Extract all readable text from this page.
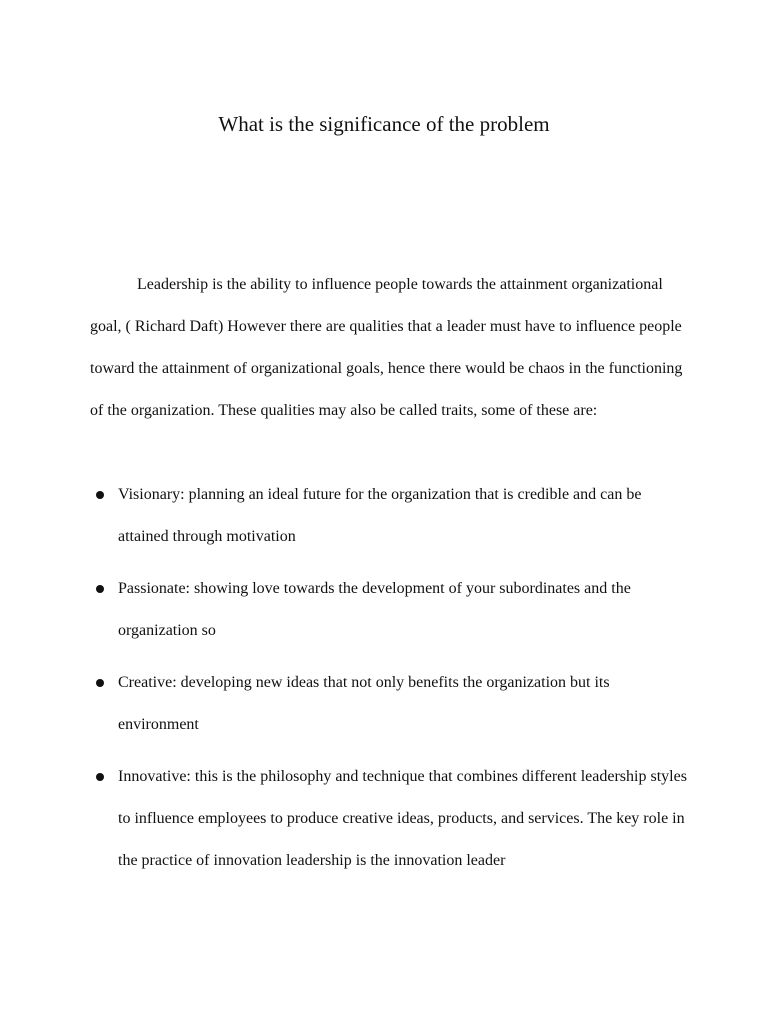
What is the significance of the problem

Leadership is the ability to influence people towards the attainment organizational goal, ( Richard Daft) However there are qualities that a leader must have to influence people toward the attainment of organizational goals, hence there would be chaos in the functioning of the organization. These qualities may also be called traits, some of these are:

Visionary: planning an ideal future for the organization that is credible and can be attained through motivation
Passionate: showing love towards the development of your subordinates and the organization so
Creative: developing new ideas that not only benefits the organization but its environment
Innovative: this is the philosophy and technique that combines different leadership styles to influence employees to produce creative ideas, products, and services. The key role in the practice of innovation leadership is the innovation leader
